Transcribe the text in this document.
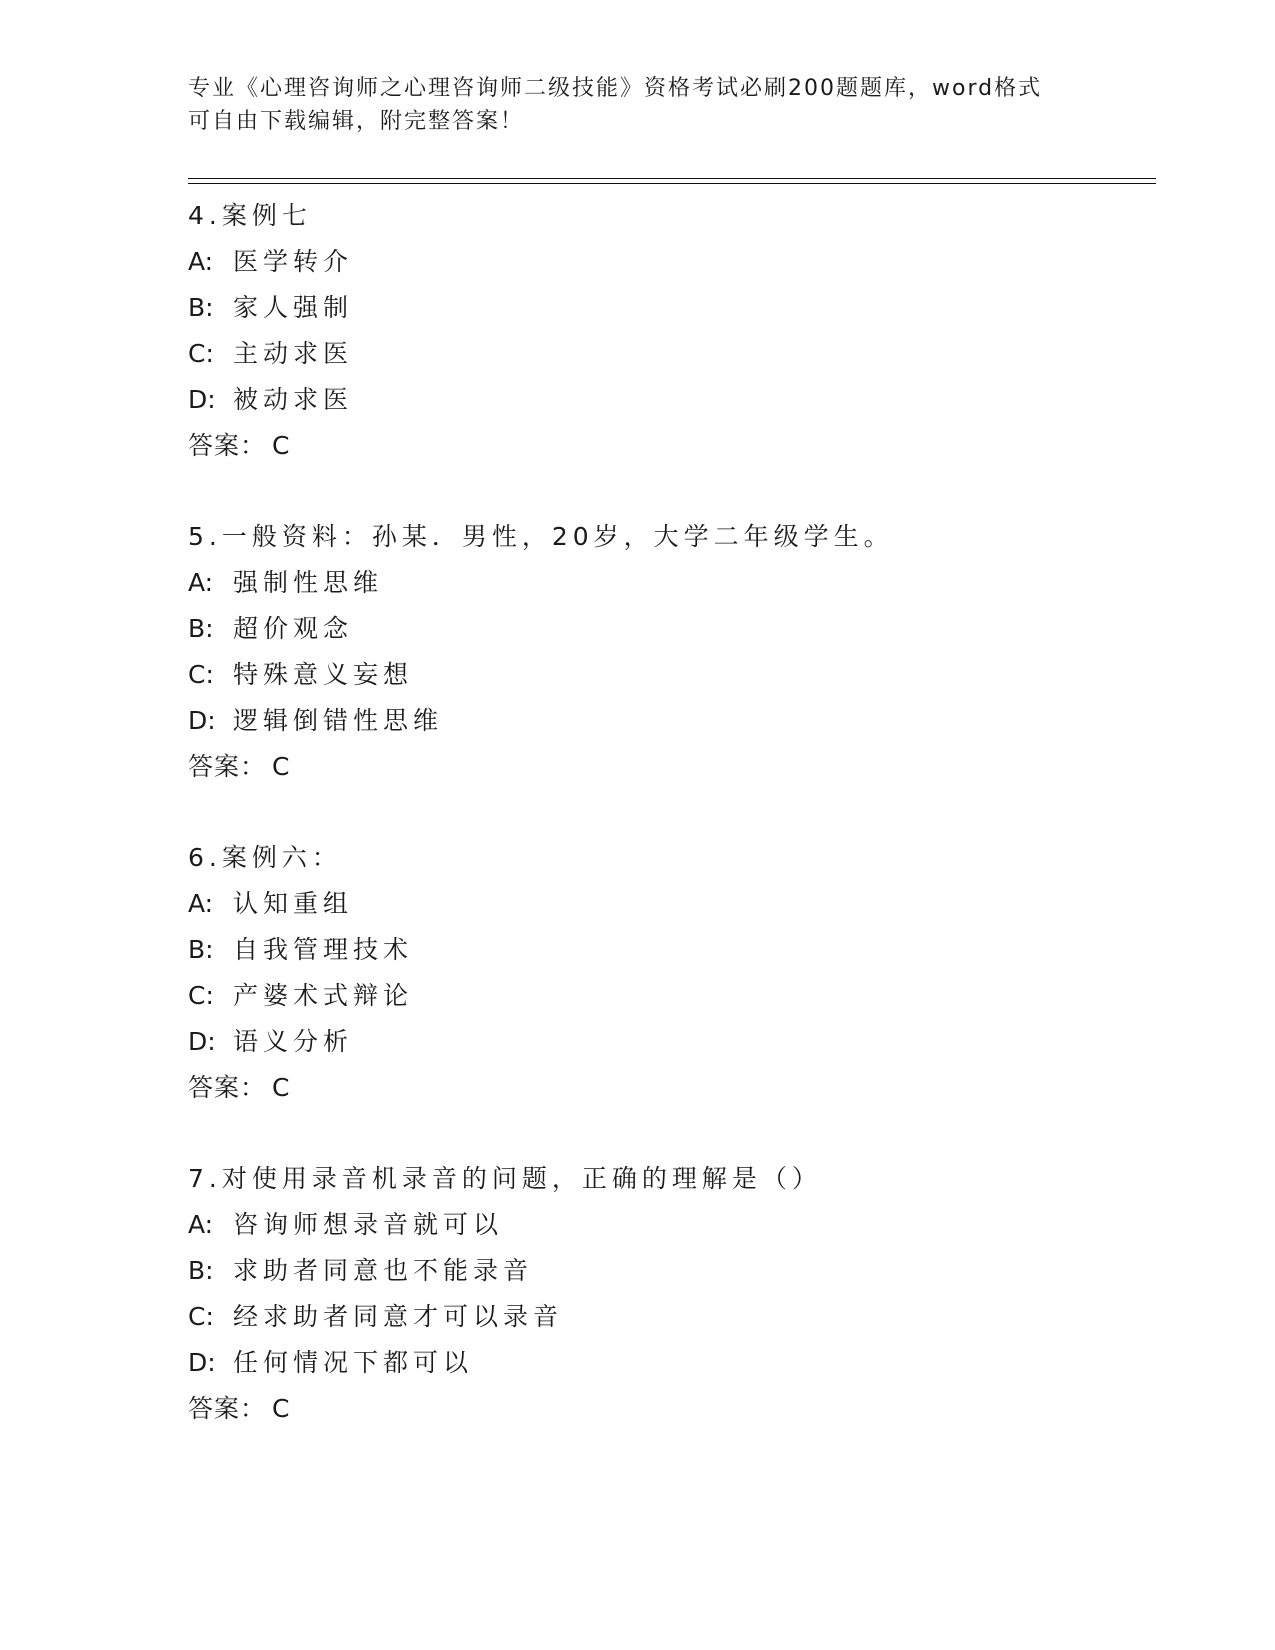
专业《心理咨询师之心理咨询师二级技能》资格考试必刷200题题库，word格式
可自由下载编辑，附完整答案！
4.案例七
A: 医学转介
B: 家人强制
C: 主动求医
D: 被动求医
答案： C
5.一般资料：孙某．男性，20岁，大学二年级学生。
A: 强制性思维
B: 超价观念
C: 特殊意义妄想
D: 逻辑倒错性思维
答案： C
6.案例六：
A: 认知重组
B: 自我管理技术
C: 产婆术式辩论
D: 语义分析
答案： C
7.对使用录音机录音的问题，正确的理解是（）
A: 咨询师想录音就可以
B: 求助者同意也不能录音
C: 经求助者同意才可以录音
D: 任何情况下都可以
答案： C
